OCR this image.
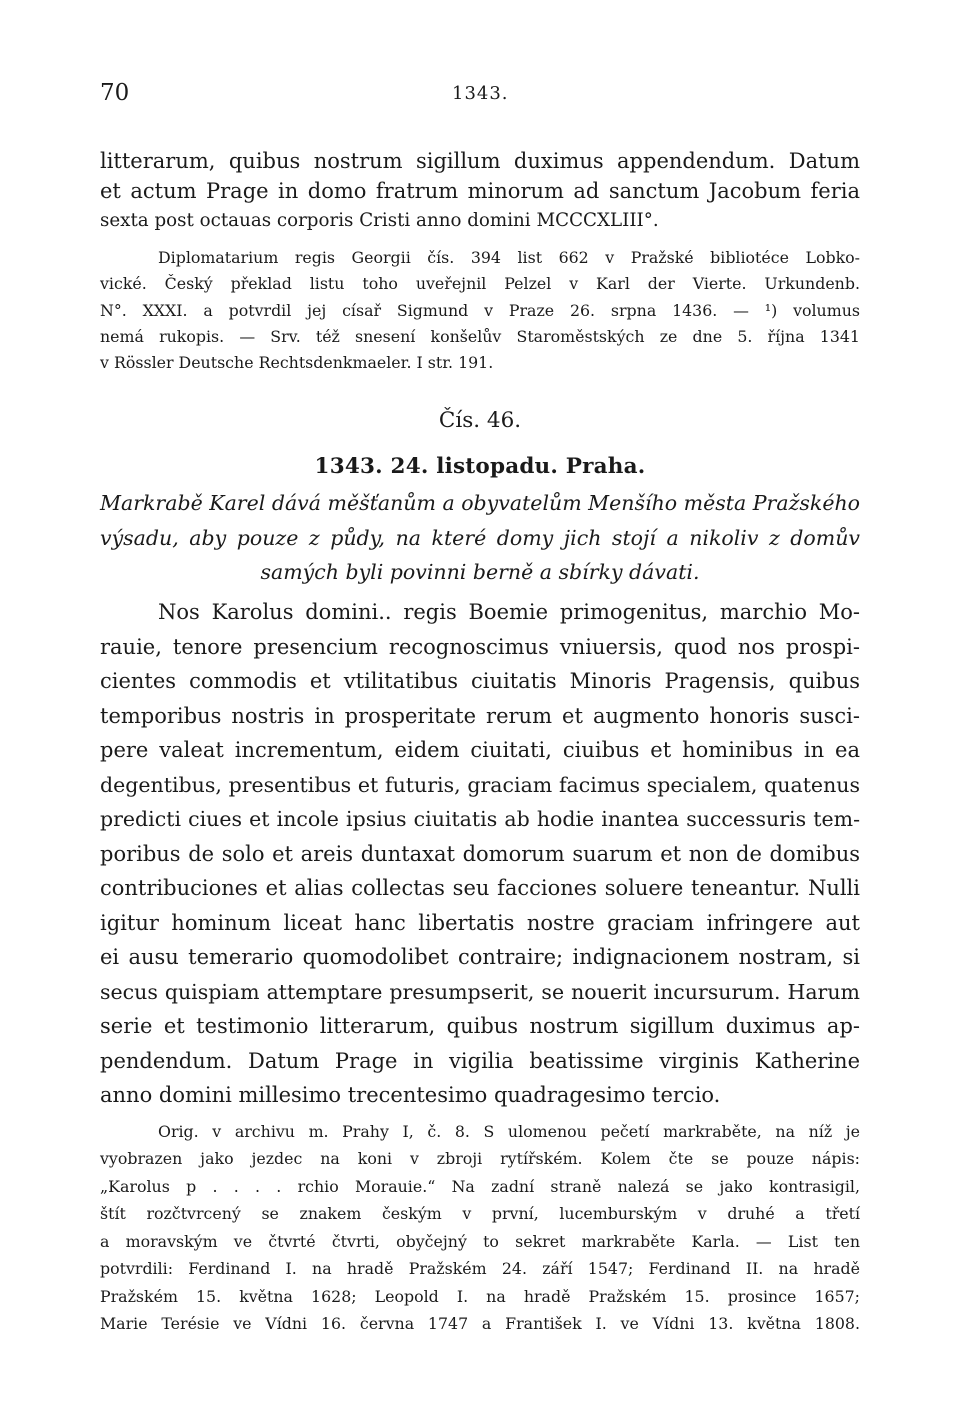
70	1343.
litterarum, quibus nostrum sigillum duximus appendendum. Datum
et actum Prage in domo fratrum minorum ad sanctum Jacobum feria
sexta post octauas corporis Cristi anno domini MCCCXLIII°.
Diplomatarium regis Georgii čís. 394 list 662 v Pražské bibliotéce Lobko-
vické. Český překlad listu toho uveřejnil Pelzel v Karl der Vierte. Urkundenb.
N°. XXXI. a potvrdil jej císař Sigmund v Praze 26. srpna 1436. — ¹) volumus
nemá rukopis. — Srv. též snesení konšelův Staroměstských ze dne 5. října 1341
v Rössler Deutsche Rechtsdenkmaeler. I str. 191.
Čís. 46.
1343. 24. listopadu. Praha.
Markrabě Karel dává měšťanům a obyvatelům Menšího města Pražského
výsadu, aby pouze z půdy, na které domy jich stojí a nikoliv z domův
samých byli povinni berně a sbírky dávati.
Nos Karolus domini.. regis Boemie primogenitus, marchio Mo-
rauie, tenore presencium recognoscimus vniuersis, quod nos prospi-
cientes commodis et vtilitatibus ciuitatis Minoris Pragensis, quibus
temporibus nostris in prosperitate rerum et augmento honoris susci-
pere valeat incrementum, eidem ciuitati, ciuibus et hominibus in ea
degentibus, presentibus et futuris, graciam facimus specialem, quatenus
predicti ciues et incole ipsius ciuitatis ab hodie inantea successuris tem-
poribus de solo et areis duntaxat domorum suarum et non de domibus
contribuciones et alias collectas seu facciones soluere teneantur. Nulli
igitur hominum liceat hanc libertatis nostre graciam infringere aut
ei ausu temerario quomodolibet contraire; indignacionem nostram, si
secus quispiam attemptare presumpserit, se nouerit incursurum. Harum
serie et testimonio litterarum, quibus nostrum sigillum duximus ap-
pendendum. Datum Prage in vigilia beatissime virginis Katherine
anno domini millesimo trecentesimo quadragesimo tercio.
Orig. v archivu m. Prahy I, č. 8. S ulomenou pečetí markraběte, na níž je
vyobrazen jako jezdec na koni v zbroji rytířském. Kolem čte se pouze nápis:
„Karolus p . . . . rchio Morauie.“ Na zadní straně nalezá se jako kontrasigil,
štít rozčtvrcený se znakem českým v první, lucemburským v druhé a třetí
a moravským ve čtvrté čtvrti, obyčejný to sekret markraběte Karla. — List ten
potvrdili: Ferdinand I. na hradě Pražském 24. září 1547; Ferdinand II. na hradě
Pražském 15. května 1628; Leopold I. na hradě Pražském 15. prosince 1657;
Marie Terésie ve Vídni 16. června 1747 a František I. ve Vídni 13. května 1808.
